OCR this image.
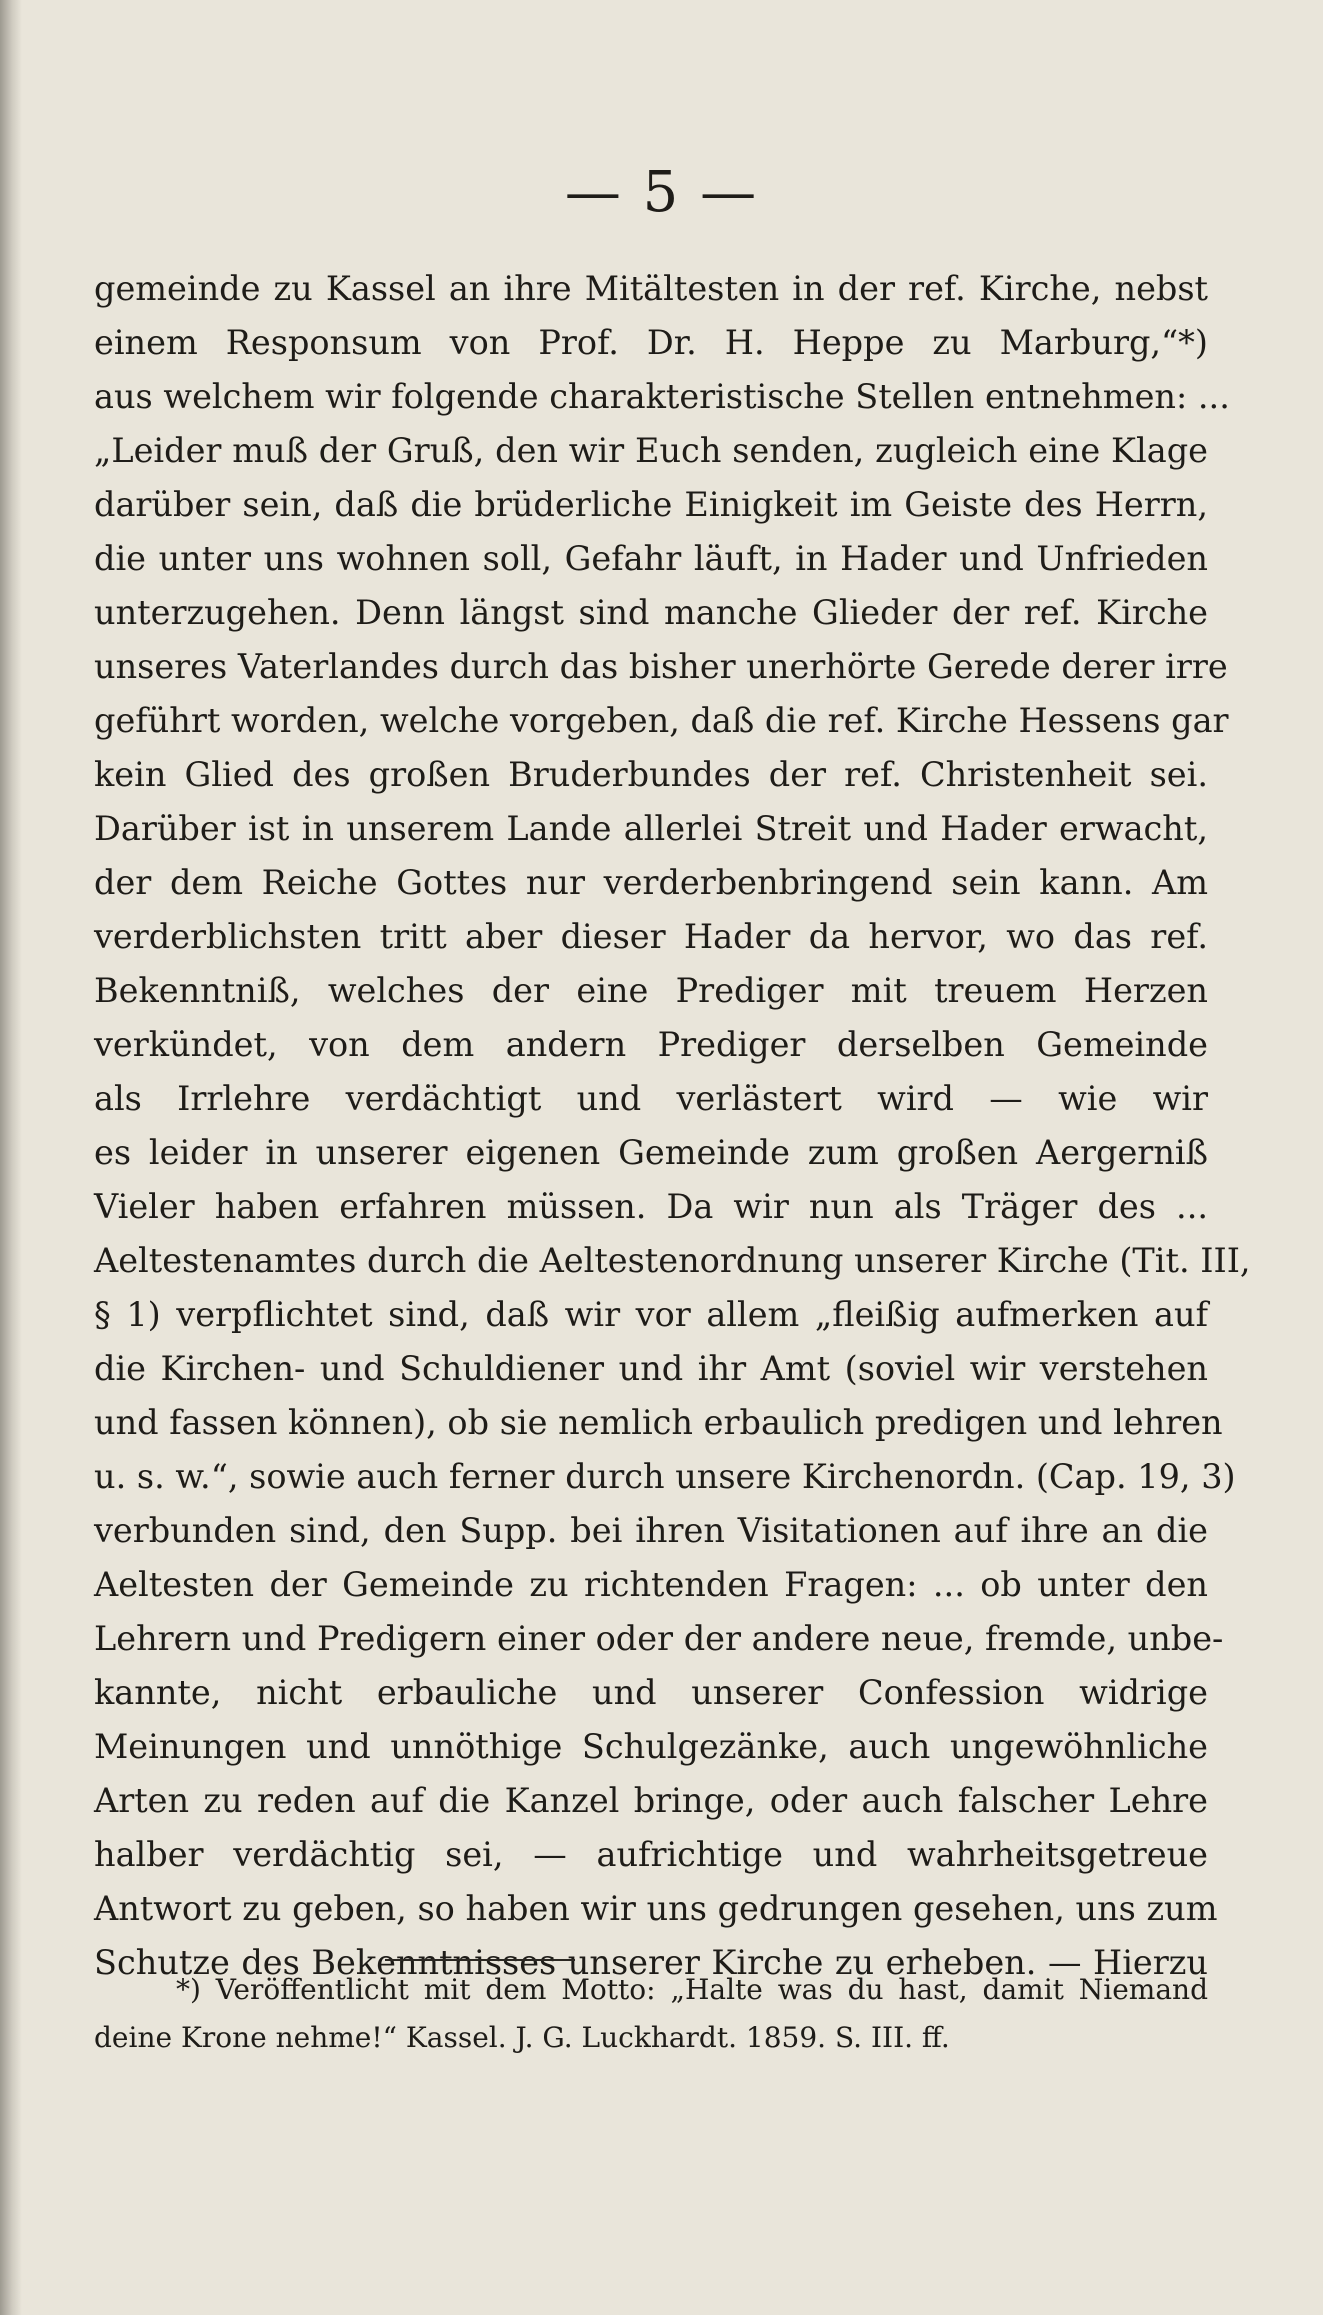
— 5 —
gemeinde zu Kassel an ihre Mitältesten in der ref. Kirche, nebst
einem Responsum von Prof. Dr. H. Heppe zu Marburg,“*)
aus welchem wir folgende charakteristische Stellen entnehmen: ...
„Leider muß der Gruß, den wir Euch senden, zugleich eine Klage
darüber sein, daß die brüderliche Einigkeit im Geiste des Herrn,
die unter uns wohnen soll, Gefahr läuft, in Hader und Unfrieden
unterzugehen. Denn längst sind manche Glieder der ref. Kirche
unseres Vaterlandes durch das bisher unerhörte Gerede derer irre
geführt worden, welche vorgeben, daß die ref. Kirche Hessens gar
kein Glied des großen Bruderbundes der ref. Christenheit sei.
Darüber ist in unserem Lande allerlei Streit und Hader erwacht,
der dem Reiche Gottes nur verderbenbringend sein kann. Am
verderblichsten tritt aber dieser Hader da hervor, wo das ref.
Bekenntniß, welches der eine Prediger mit treuem Herzen
verkündet, von dem andern Prediger derselben Gemeinde
als Irrlehre verdächtigt und verlästert wird — wie wir
es leider in unserer eigenen Gemeinde zum großen Aergerniß
Vieler haben erfahren müssen. Da wir nun als Träger des ...
Aeltestenamtes durch die Aeltestenordnung unserer Kirche (Tit. III,
§ 1) verpflichtet sind, daß wir vor allem „fleißig aufmerken auf
die Kirchen- und Schuldiener und ihr Amt (soviel wir verstehen
und fassen können), ob sie nemlich erbaulich predigen und lehren
u. s. w.“, sowie auch ferner durch unsere Kirchenordn. (Cap. 19, 3)
verbunden sind, den Supp. bei ihren Visitationen auf ihre an die
Aeltesten der Gemeinde zu richtenden Fragen: ... ob unter den
Lehrern und Predigern einer oder der andere neue, fremde, unbe-
kannte, nicht erbauliche und unserer Confession widrige
Meinungen und unnöthige Schulgezänke, auch ungewöhnliche
Arten zu reden auf die Kanzel bringe, oder auch falscher Lehre
halber verdächtig sei, — aufrichtige und wahrheitsgetreue
Antwort zu geben, so haben wir uns gedrungen gesehen, uns zum
Schutze des Bekenntnisses unserer Kirche zu erheben. — Hierzu
*) Veröffentlicht mit dem Motto: „Halte was du hast, damit Niemand
deine Krone nehme!“ Kassel. J. G. Luckhardt. 1859. S. III. ff.
